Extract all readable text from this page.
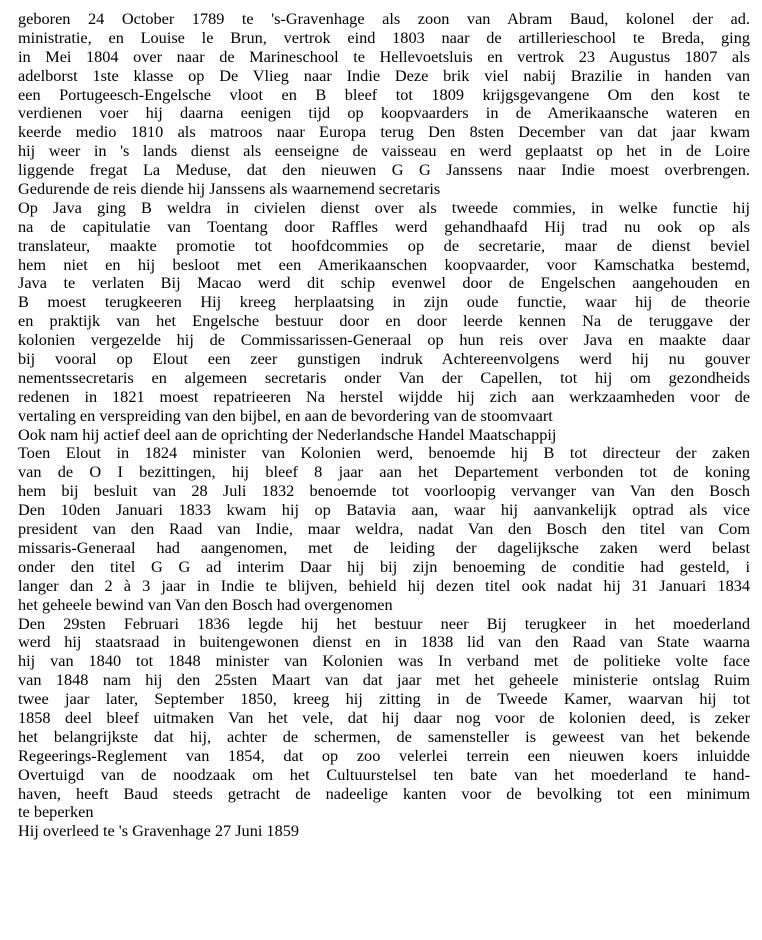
geboren 24 October 1789 te 's-Gravenhage als zoon van Abram Baud, kolonel der ad.
ministratie, en Louise le Brun, vertrok eind 1803 naar de artillerieschool te Breda, ging
in Mei 1804 over naar de Marineschool te Hellevoetsluis en vertrok 23 Augustus 1807 als
adelborst 1ste klasse op De Vlieg naar Indie Deze brik viel nabij Brazilie in handen van
een Portugeesch-Engelsche vloot en B bleef tot 1809 krijgsgevangene Om den kost te
verdienen voer hij daarna eenigen tijd op koopvaarders in de Amerikaansche wateren en
keerde medio 1810 als matroos naar Europa terug Den 8sten December van dat jaar kwam
hij weer in 's lands dienst als eenseigne de vaisseau en werd geplaatst op het in de Loire
liggende fregat La Meduse, dat den nieuwen G G Janssens naar Indie moest overbrengen.
Gedurende de reis diende hij Janssens als waarnemend secretaris
Op Java ging B weldra in civielen dienst over als tweede commies, in welke functie hij
na de capitulatie van Toentang door Raffles werd gehandhaafd Hij trad nu ook op als
translateur, maakte promotie tot hoofdcommies op de secretarie, maar de dienst beviel
hem niet en hij besloot met een Amerikaanschen koopvaarder, voor Kamschatka bestemd,
Java te verlaten Bij Macao werd dit schip evenwel door de Engelschen aangehouden en
B moest terugkeeren Hij kreeg herplaatsing in zijn oude functie, waar hij de theorie
en praktijk van het Engelsche bestuur door en door leerde kennen Na de teruggave der
kolonien vergezelde hij de Commissarissen-Generaal op hun reis over Java en maakte daar
bij vooral op Elout een zeer gunstigen indruk Achtereenvolgens werd hij nu gouver
nementssecretaris en algemeen secretaris onder Van der Capellen, tot hij om gezondheids
redenen in 1821 moest repatrieeren Na herstel wijdde hij zich aan werkzaamheden voor de
vertaling en verspreiding van den bijbel, en aan de bevordering van de stoomvaart
Ook nam hij actief deel aan de oprichting der Nederlandsche Handel Maatschappij
Toen Elout in 1824 minister van Kolonien werd, benoemde hij B tot directeur der zaken
van de O I bezittingen, hij bleef 8 jaar aan het Departement verbonden tot de koning
hem bij besluit van 28 Juli 1832 benoemde tot voorloopig vervanger van Van den Bosch
Den 10den Januari 1833 kwam hij op Batavia aan, waar hij aanvankelijk optrad als vice
president van den Raad van Indie, maar weldra, nadat Van den Bosch den titel van Com
missaris-Generaal had aangenomen, met de leiding der dagelijksche zaken werd belast
onder den titel G G ad interim Daar hij bij zijn benoeming de conditie had gesteld, i
langer dan 2 à 3 jaar in Indie te blijven, behield hij dezen titel ook nadat hij 31 Januari 1834
het geheele bewind van Van den Bosch had overgenomen
Den 29sten Februari 1836 legde hij het bestuur neer Bij terugkeer in het moederland
werd hij staatsraad in buitengewonen dienst en in 1838 lid van den Raad van State waarna
hij van 1840 tot 1848 minister van Kolonien was In verband met de politieke volte face
van 1848 nam hij den 25sten Maart van dat jaar met het geheele ministerie ontslag Ruim
twee jaar later, September 1850, kreeg hij zitting in de Tweede Kamer, waarvan hij tot
1858 deel bleef uitmaken Van het vele, dat hij daar nog voor de kolonien deed, is zeker
het belangrijkste dat hij, achter de schermen, de samensteller is geweest van het bekende
Regeerings-Reglement van 1854, dat op zoo velerlei terrein een nieuwen koers inluidde
Overtuigd van de noodzaak om het Cultuurstelsel ten bate van het moederland te hand-
haven, heeft Baud steeds getracht de nadeelige kanten voor de bevolking tot een minimum
te beperken
Hij overleed te 's Gravenhage 27 Juni 1859
